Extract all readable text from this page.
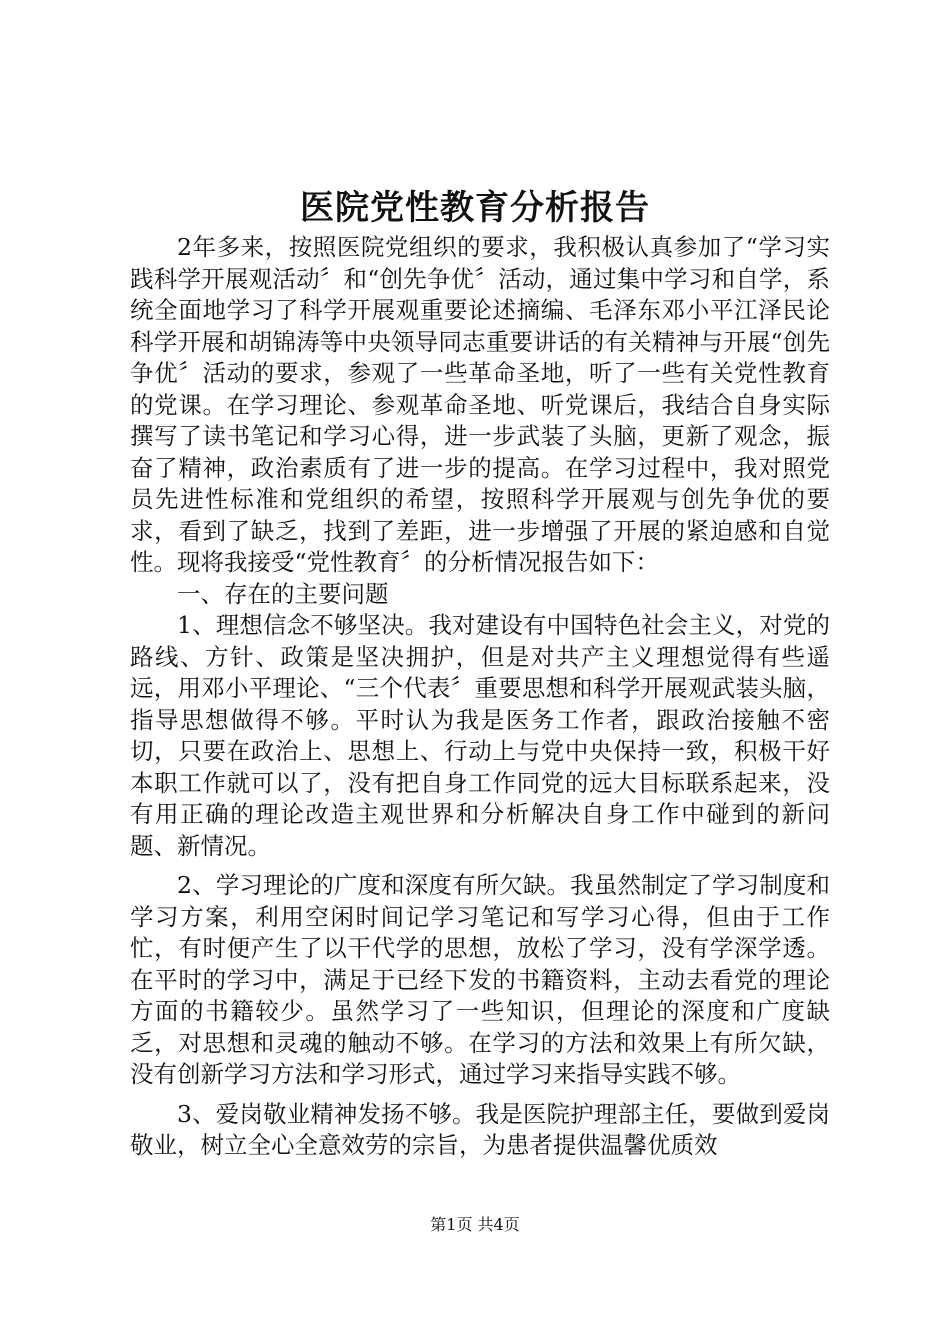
医院党性教育分析报告

2年多来，按照医院党组织的要求，我积极认真参加了“学习实践科学开展观活动〞和“创先争优〞活动，通过集中学习和自学，系统全面地学习了科学开展观重要论述摘编、毛泽东邓小平江泽民论科学开展和胡锦涛等中央领导同志重要讲话的有关精神与开展“创先争优〞活动的要求，参观了一些革命圣地，听了一些有关党性教育的党课。在学习理论、参观革命圣地、听党课后，我结合自身实际撰写了读书笔记和学习心得，进一步武装了头脑，更新了观念，振奋了精神，政治素质有了进一步的提高。在学习过程中，我对照党员先进性标准和党组织的希望，按照科学开展观与创先争优的要求，看到了缺乏，找到了差距，进一步增强了开展的紧迫感和自觉性。现将我接受“党性教育〞的分析情况报告如下：

一、存在的主要问题

1、理想信念不够坚决。我对建设有中国特色社会主义，对党的路线、方针、政策是坚决拥护，但是对共产主义理想觉得有些遥远，用邓小平理论、“三个代表〞重要思想和科学开展观武装头脑，指导思想做得不够。平时认为我是医务工作者，跟政治接触不密切，只要在政治上、思想上、行动上与党中央保持一致，积极干好本职工作就可以了，没有把自身工作同党的远大目标联系起来，没有用正确的理论改造主观世界和分析解决自身工作中碰到的新问题、新情况。

2、学习理论的广度和深度有所欠缺。我虽然制定了学习制度和学习方案，利用空闲时间记学习笔记和写学习心得，但由于工作忙，有时便产生了以干代学的思想，放松了学习，没有学深学透。在平时的学习中，满足于已经下发的书籍资料，主动去看党的理论方面的书籍较少。虽然学习了一些知识，但理论的深度和广度缺乏，对思想和灵魂的触动不够。在学习的方法和效果上有所欠缺，没有创新学习方法和学习形式，通过学习来指导实践不够。

3、爱岗敬业精神发扬不够。我是医院护理部主任，要做到爱岗敬业，树立全心全意效劳的宗旨，为患者提供温馨优质效

第1页 共4页
